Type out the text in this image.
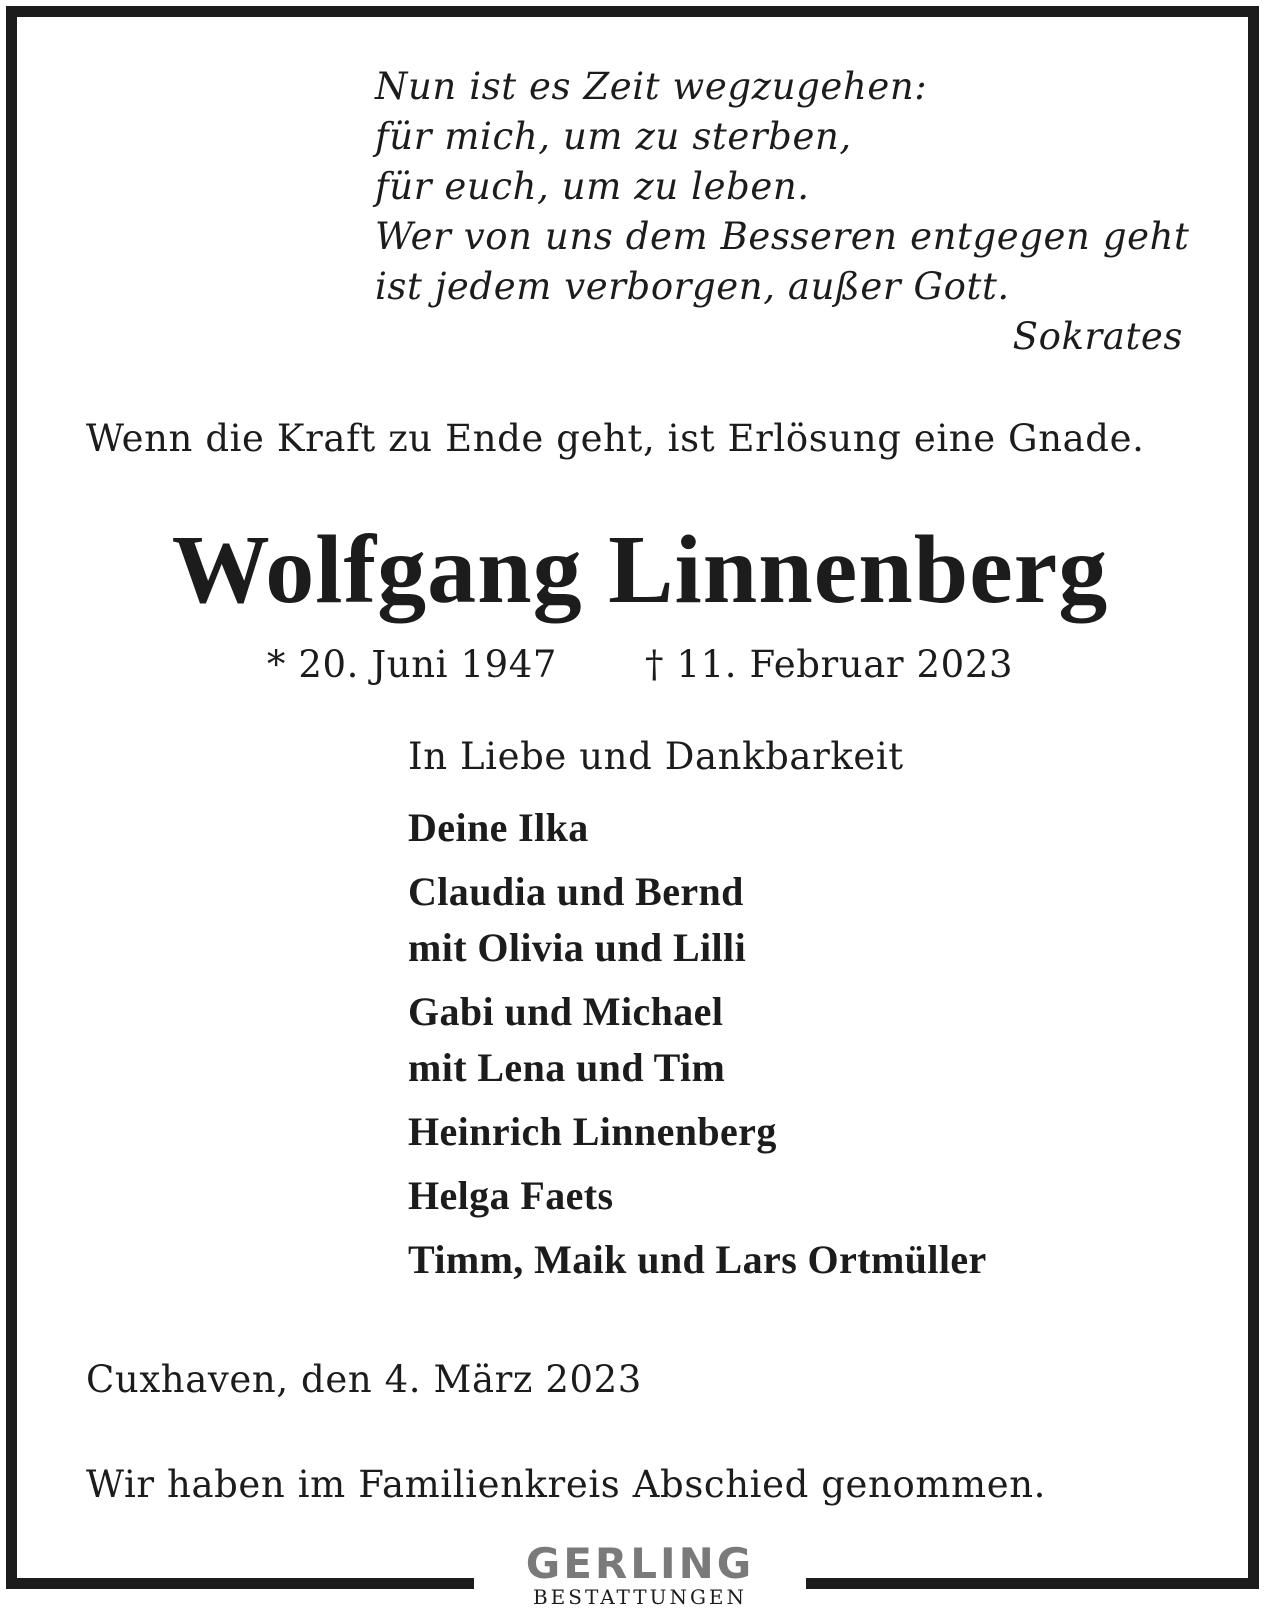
Nun ist es Zeit wegzugehen:
für mich, um zu sterben,
für euch, um zu leben.
Wer von uns dem Besseren entgegen geht
ist jedem verborgen, außer Gott.
Sokrates
Wenn die Kraft zu Ende geht, ist Erlösung eine Gnade.
Wolfgang Linnenberg
* 20. Juni 1947 † 11. Februar 2023
In Liebe und Dankbarkeit
Deine Ilka
Claudia und Bernd
mit Olivia und Lilli
Gabi und Michael
mit Lena und Tim
Heinrich Linnenberg
Helga Faets
Timm, Maik und Lars Ortmüller
Cuxhaven, den 4. März 2023
Wir haben im Familienkreis Abschied genommen.
GERLING
BESTATTUNGEN
